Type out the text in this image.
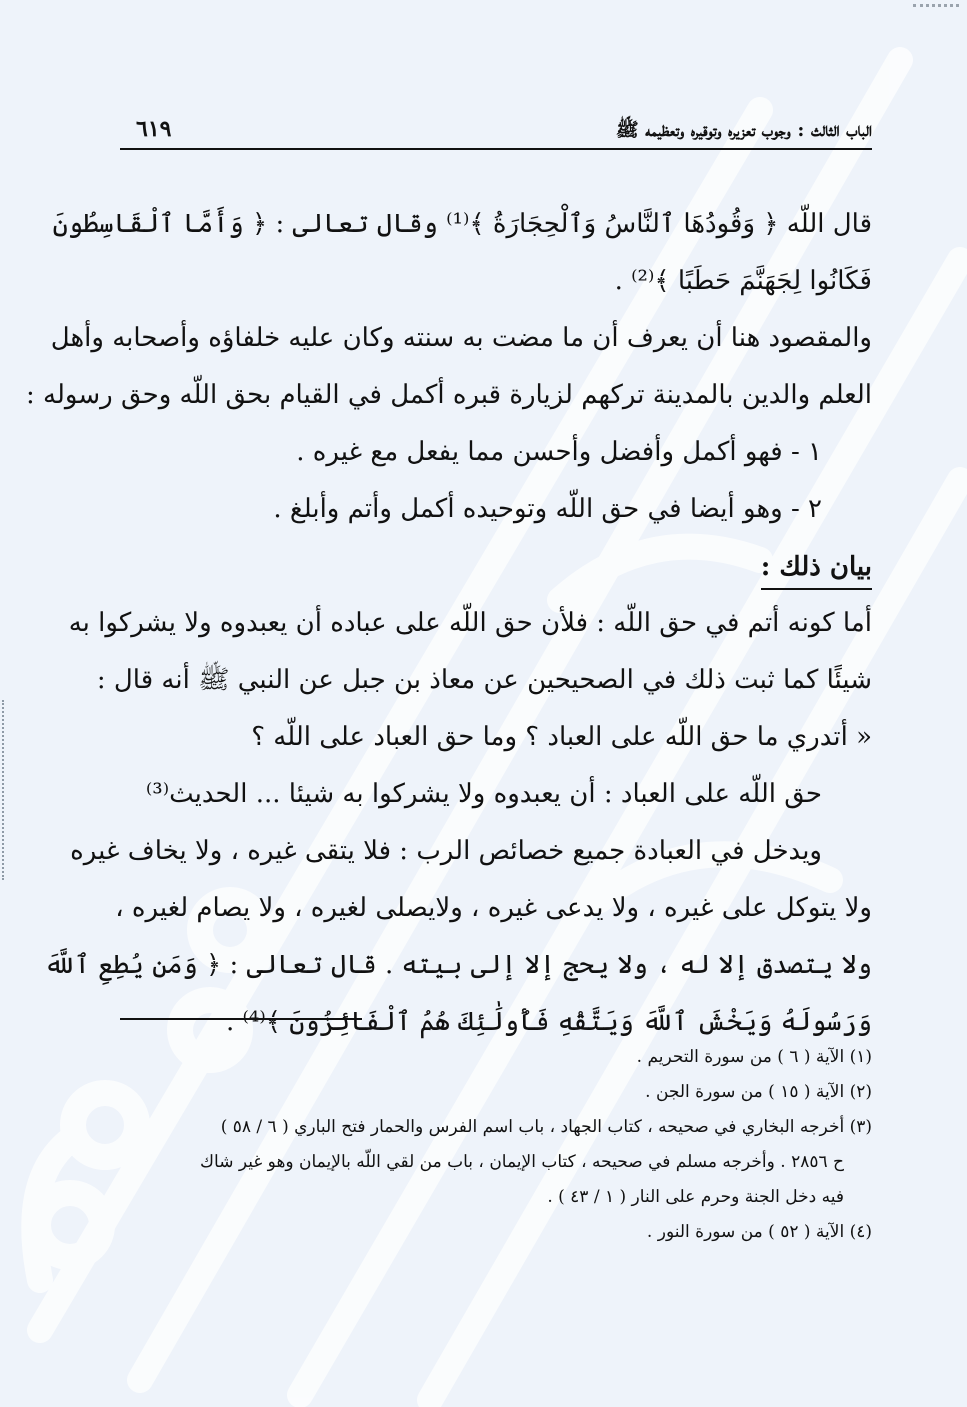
الباب الثالث : وجوب تعزيره وتوقيره وتعظيمه ﷺ
٦١٩
قال اللّه ﴿ وَقُودُهَا ٱلنَّاسُ وَٱلْحِجَارَةُ ﴾⁽¹⁾ وقال تعالى : ﴿ وَأَمَّا ٱلْقَاسِطُونَ
فَكَانُوا لِجَهَنَّمَ حَطَبًا ﴾⁽²⁾ .
والمقصود هنا أن يعرف أن ما مضت به سنته وكان عليه خلفاؤه وأصحابه وأهل
العلم والدين بالمدينة تركهم لزيارة قبره أكمل في القيام بحق اللّه وحق رسوله :
١ - فهو أكمل وأفضل وأحسن مما يفعل مع غيره .
٢ - وهو أيضا في حق اللّه وتوحيده أكمل وأتم وأبلغ .
بيان ذلك :
أما كونه أتم في حق اللّه : فلأن حق اللّه على عباده أن يعبدوه ولا يشركوا به
شيئًا كما ثبت ذلك في الصحيحين عن معاذ بن جبل عن النبي ﷺ أنه قال :
« أتدري ما حق اللّه على العباد ؟ وما حق العباد على اللّه ؟
حق اللّه على العباد : أن يعبدوه ولا يشركوا به شيئا ... الحديث⁽³⁾
ويدخل في العبادة جميع خصائص الرب : فلا يتقى غيره ، ولا يخاف غيره
ولا يتوكل على غيره ، ولا يدعى غيره ، ولايصلى لغيره ، ولا يصام لغيره ،
ولا يتصدق إلا له ، ولا يحج إلا إلى بيته . قال تعالى : ﴿ وَمَن يُطِعِ ٱللَّهَ
وَرَسُولَهُ وَيَخْشَ ٱللَّهَ وَيَتَّقْهِ فَأُولَٰئِكَ هُمُ ٱلْفَائِزُونَ ﴾⁽⁴⁾ .
(١) الآية ( ٦ ) من سورة التحريم .
(٢) الآية ( ١٥ ) من سورة الجن .
(٣) أخرجه البخاري في صحيحه ، كتاب الجهاد ، باب اسم الفرس والحمار فتح الباري ( ٦ / ٥٨ )
ح ٢٨٥٦ . وأخرجه مسلم في صحيحه ، كتاب الإيمان ، باب من لقي اللّه بالإيمان وهو غير شاك
فيه دخل الجنة وحرم على النار ( ١ / ٤٣ ) .
(٤) الآية ( ٥٢ ) من سورة النور .
